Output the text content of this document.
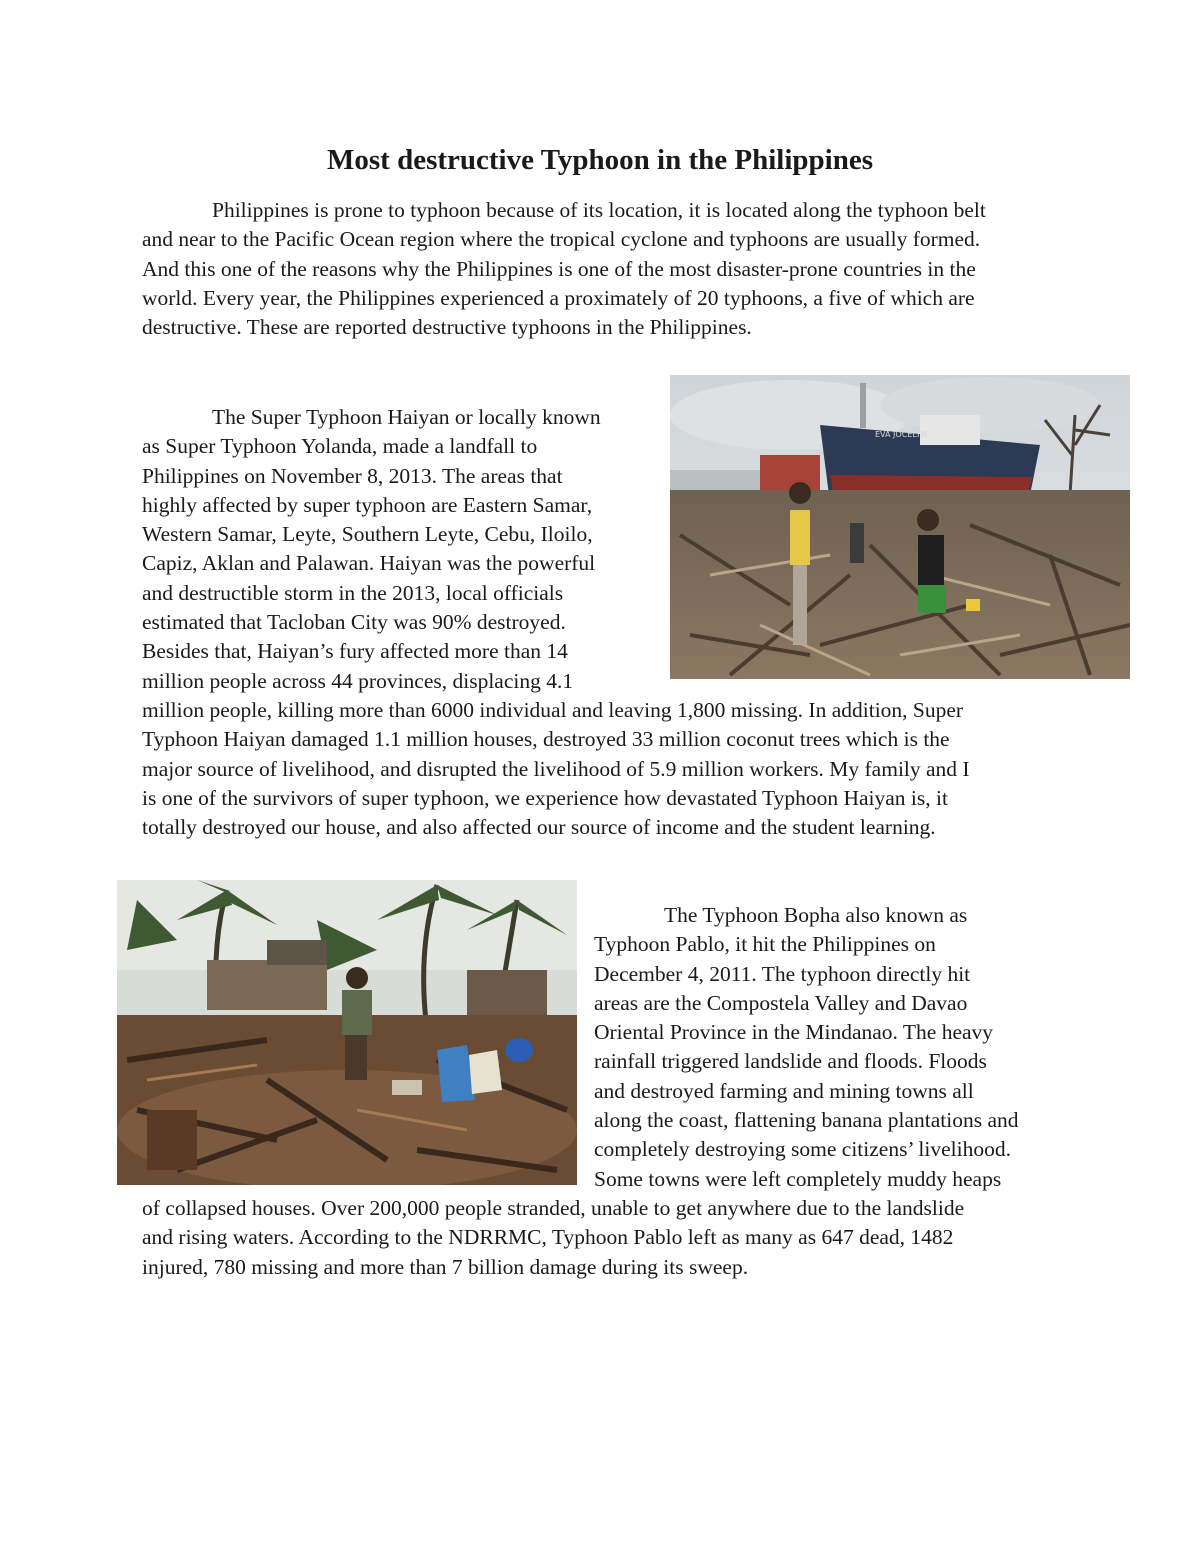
Most destructive Typhoon in the Philippines

Philippines is prone to typhoon because of its location, it is located along the typhoon belt
and near to the Pacific Ocean region where the tropical cyclone and typhoons are usually formed.
And this one of the reasons why the Philippines is one of the most disaster-prone countries in the
world. Every year, the Philippines experienced a proximately of 20 typhoons, a five of which are
destructive. These are reported destructive typhoons in the Philippines.

EVA JOCELYN

The Super Typhoon Haiyan or locally known
as Super Typhoon Yolanda, made a landfall to
Philippines on November 8, 2013. The areas that
highly affected by super typhoon are Eastern Samar,
Western Samar, Leyte, Southern Leyte, Cebu, Iloilo,
Capiz, Aklan and Palawan. Haiyan was the powerful
and destructible storm in the 2013, local officials
estimated that Tacloban City was 90% destroyed.
Besides that, Haiyan’s fury affected more than 14
million people across 44 provinces, displacing 4.1

million people, killing more than 6000 individual and leaving 1,800 missing. In addition, Super
Typhoon Haiyan damaged 1.1 million houses, destroyed 33 million coconut trees which is the
major source of livelihood, and disrupted the livelihood of 5.9 million workers. My family and I
is one of the survivors of super typhoon, we experience how devastated Typhoon Haiyan is, it
totally destroyed our house, and also affected our source of income and the student learning.

The Typhoon Bopha also known as
Typhoon Pablo, it hit the Philippines on
December 4, 2011. The typhoon directly hit
areas are the Compostela Valley and Davao
Oriental Province in the Mindanao. The heavy
rainfall triggered landslide and floods. Floods
and destroyed farming and mining towns all
along the coast, flattening banana plantations and
completely destroying some citizens’ livelihood.
Some towns were left completely muddy heaps

of collapsed houses. Over 200,000 people stranded, unable to get anywhere due to the landslide
and rising waters. According to the NDRRMC, Typhoon Pablo left as many as 647 dead, 1482
injured, 780 missing and more than 7 billion damage during its sweep.
